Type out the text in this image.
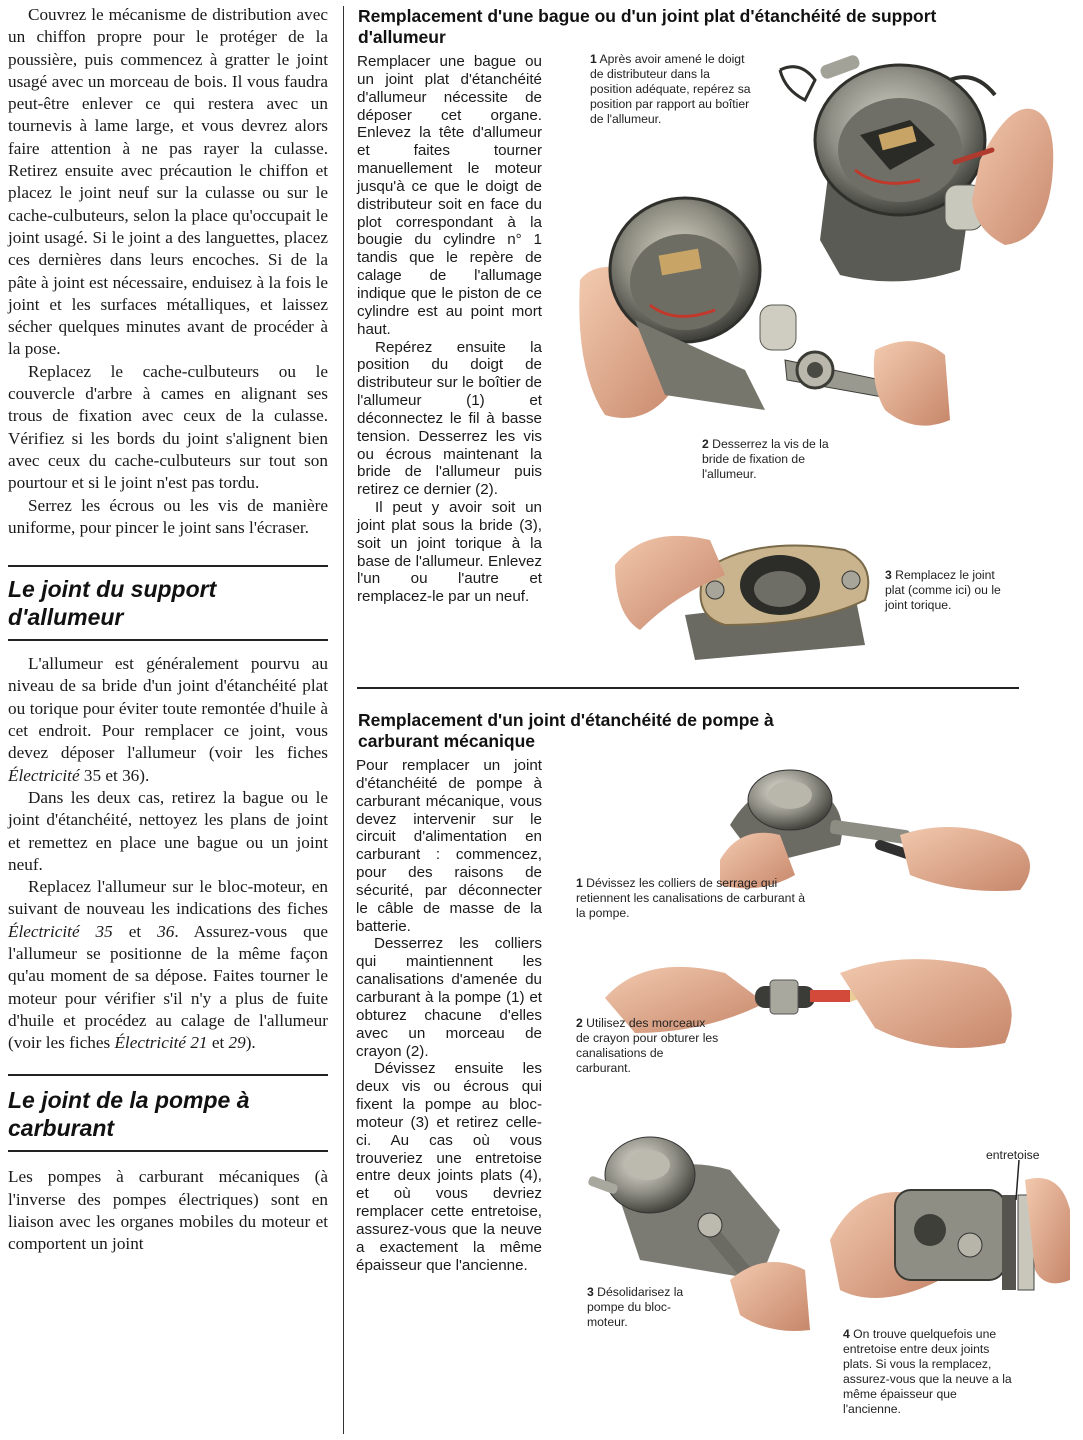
Couvrez le mécanisme de distribution avec un chiffon propre pour le protéger de la poussière, puis commencez à gratter le joint usagé avec un morceau de bois. Il vous faudra peut-être enlever ce qui restera avec un tournevis à lame large, et vous devrez alors faire attention à ne pas rayer la culasse. Retirez ensuite avec précaution le chiffon et placez le joint neuf sur la culasse ou sur le cache-culbuteurs, selon la place qu'occupait le joint usagé. Si le joint a des languettes, placez ces dernières dans leurs encoches. Si de la pâte à joint est nécessaire, enduisez à la fois le joint et les surfaces métalliques, et laissez sécher quelques minutes avant de procéder à la pose.

Replacez le cache-culbuteurs ou le couvercle d'arbre à cames en alignant ses trous de fixation avec ceux de la culasse. Vérifiez si les bords du joint s'alignent bien avec ceux du cache-culbuteurs sur tout son pourtour et si le joint n'est pas tordu.

Serrez les écrous ou les vis de manière uniforme, pour pincer le joint sans l'écraser.

Le joint du support d'allumeur

L'allumeur est généralement pourvu au niveau de sa bride d'un joint d'étanchéité plat ou torique pour éviter toute remontée d'huile à cet endroit. Pour remplacer ce joint, vous devez déposer l'allumeur (voir les fiches Électricité 35 et 36).

Dans les deux cas, retirez la bague ou le joint d'étanchéité, nettoyez les plans de joint et remettez en place une bague ou un joint neuf.

Replacez l'allumeur sur le bloc-moteur, en suivant de nouveau les indications des fiches Électricité 35 et 36. Assurez-vous que l'allumeur se positionne de la même façon qu'au moment de sa dépose. Faites tourner le moteur pour vérifier s'il n'y a plus de fuite d'huile et procédez au calage de l'allumeur (voir les fiches Électricité 21 et 29).

Le joint de la pompe à carburant

Les pompes à carburant mécaniques (à l'inverse des pompes électriques) sont en liaison avec les organes mobiles du moteur et comportent un joint

Remplacement d'une bague ou d'un joint plat d'étanchéité de support d'allumeur

Remplacer une bague ou un joint plat d'étanchéité d'allumeur nécessite de déposer cet organe. Enlevez la tête d'allumeur et faites tourner manuellement le moteur jusqu'à ce que le doigt de distributeur soit en face du plot correspondant à la bougie du cylindre n° 1 tandis que le repère de calage de l'allumage indique que le piston de ce cylindre est au point mort haut.

Repérez ensuite la position du doigt de distributeur sur le boîtier de l'allumeur (1) et déconnectez le fil à basse tension. Desserrez les vis ou écrous maintenant la bride de l'allumeur puis retirez ce dernier (2).

Il peut y avoir soit un joint plat sous la bride (3), soit un joint torique à la base de l'allumeur. Enlevez l'un ou l'autre et remplacez-le par un neuf.

1 Après avoir amené le doigt de distributeur dans la position adéquate, repérez sa position par rapport au boîtier de l'allumeur.
2 Desserrez la vis de la bride de fixation de l'allumeur.
3 Remplacez le joint plat (comme ici) ou le joint torique.
Remplacement d'un joint d'étanchéité de pompe à carburant mécanique

Pour remplacer un joint d'étanchéité de pompe à carburant mécanique, vous devez intervenir sur le circuit d'alimentation en carburant : commencez, pour des raisons de sécurité, par déconnecter le câble de masse de la batterie.

Desserrez les colliers qui maintiennent les canalisations d'amenée du carburant à la pompe (1) et obturez chacune d'elles avec un morceau de crayon (2).

Dévissez ensuite les deux vis ou écrous qui fixent la pompe au bloc-moteur (3) et retirez celle-ci. Au cas où vous trouveriez une entretoise entre deux joints plats (4), et où vous devriez remplacer cette entretoise, assurez-vous que la neuve a exactement la même épaisseur que l'ancienne.

1 Dévissez les colliers de serrage qui retiennent les canalisations de carburant à la pompe.
2 Utilisez des morceaux de crayon pour obturer les canalisations de carburant.
3 Désolidarisez la pompe du bloc-moteur.
4 On trouve quelquefois une entretoise entre deux joints plats. Si vous la remplacez, assurez-vous que la neuve a la même épaisseur que l'ancienne.
entretoise
